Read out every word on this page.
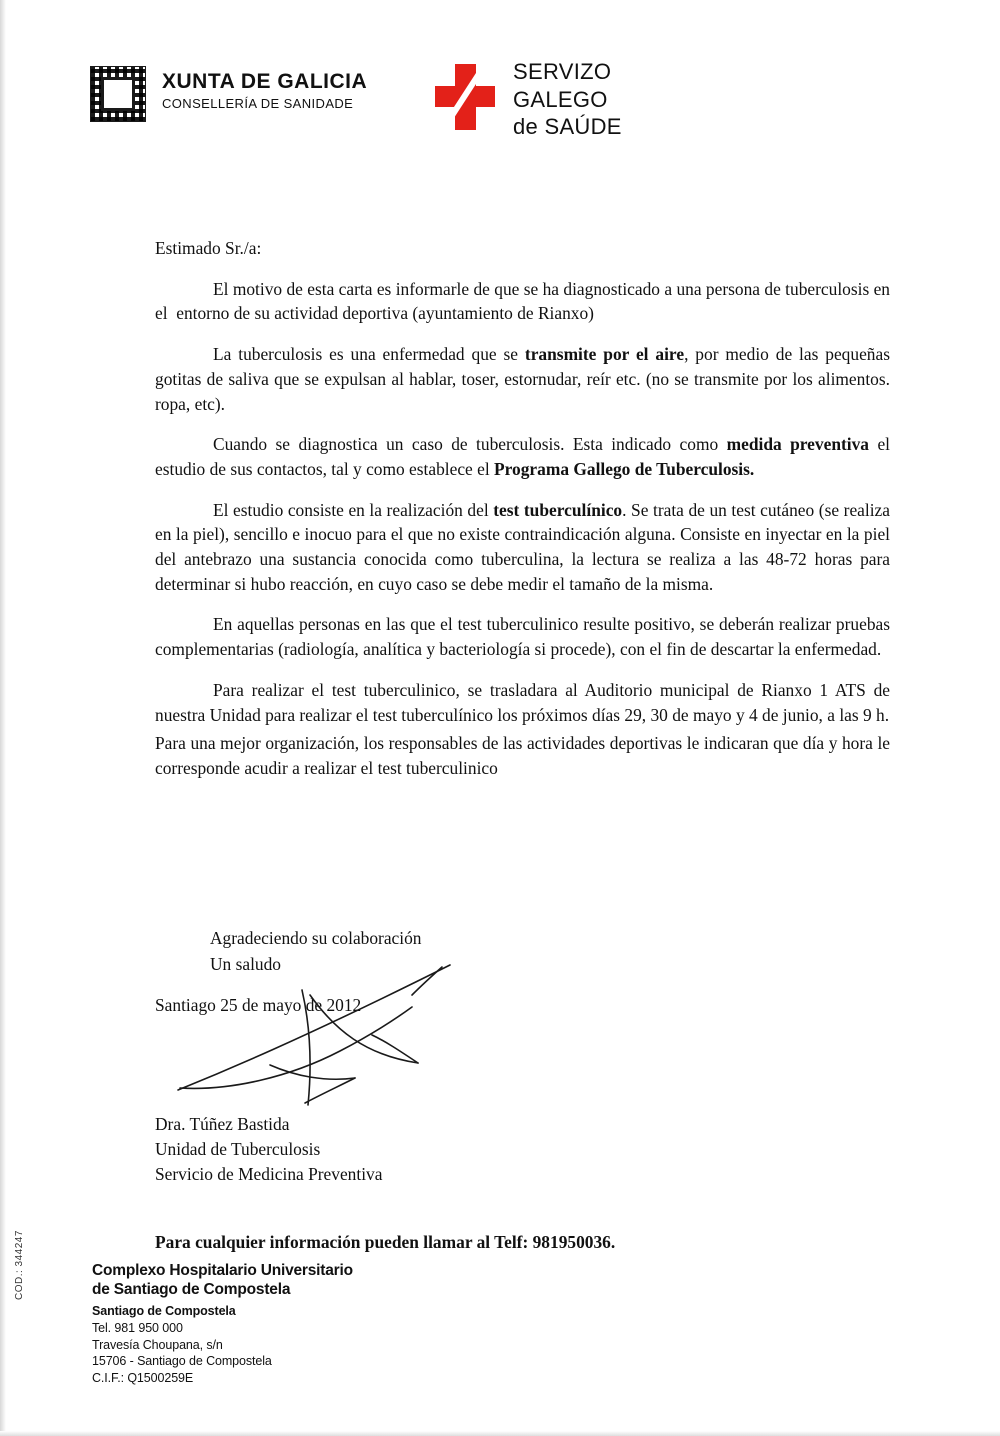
XUNTA DE GALICIA
CONSELLERÍA DE SANIDADE
SERVIZO
GALEGO
de SAÚDE

Estimado Sr./a:

El motivo de esta carta es informarle de que se ha diagnosticado a una persona de tuberculosis en el  entorno de su actividad deportiva (ayuntamiento de Rianxo)

La tuberculosis es una enfermedad que se transmite por el aire, por medio de las pequeñas gotitas de saliva que se expulsan al hablar, toser, estornudar, reír etc. (no se transmite por los alimentos. ropa, etc).

Cuando se diagnostica un caso de tuberculosis. Esta indicado como medida preventiva el estudio de sus contactos, tal y como establece el Programa Gallego de Tuberculosis.

El estudio consiste en la realización del test tuberculínico. Se trata de un test cutáneo (se realiza en la piel), sencillo e inocuo para el que no existe contraindicación alguna. Consiste en inyectar en la piel del antebrazo una sustancia conocida como tuberculina, la lectura se realiza a las 48-72 horas para determinar si hubo reacción, en cuyo caso se debe medir el tamaño de la misma.

En aquellas personas en las que el test tuberculinico resulte positivo, se deberán realizar pruebas complementarias (radiología, analítica y bacteriología si procede), con el fin de descartar la enfermedad.

Para realizar el test tuberculinico, se trasladara al Auditorio municipal de Rianxo 1 ATS de nuestra Unidad para realizar el test tuberculínico los próximos días 29, 30 de mayo y 4 de junio, a las 9 h.

Para una mejor organización, los responsables de las actividades deportivas le indicaran que día y hora le corresponde acudir a realizar el test tuberculinico

Agradeciendo su colaboración
Un saludo
Santiago 25 de mayo de 2012
Dra. Túñez Bastida
Unidad de Tuberculosis
Servicio de Medicina Preventiva
Para cualquier información pueden llamar al Telf: 981950036.
Complexo Hospitalario Universitario
de Santiago de Compostela
Santiago de Compostela
Tel. 981 950 000
Travesía Choupana, s/n
15706 - Santiago de Compostela
C.I.F.: Q1500259E
COD.: 344247
